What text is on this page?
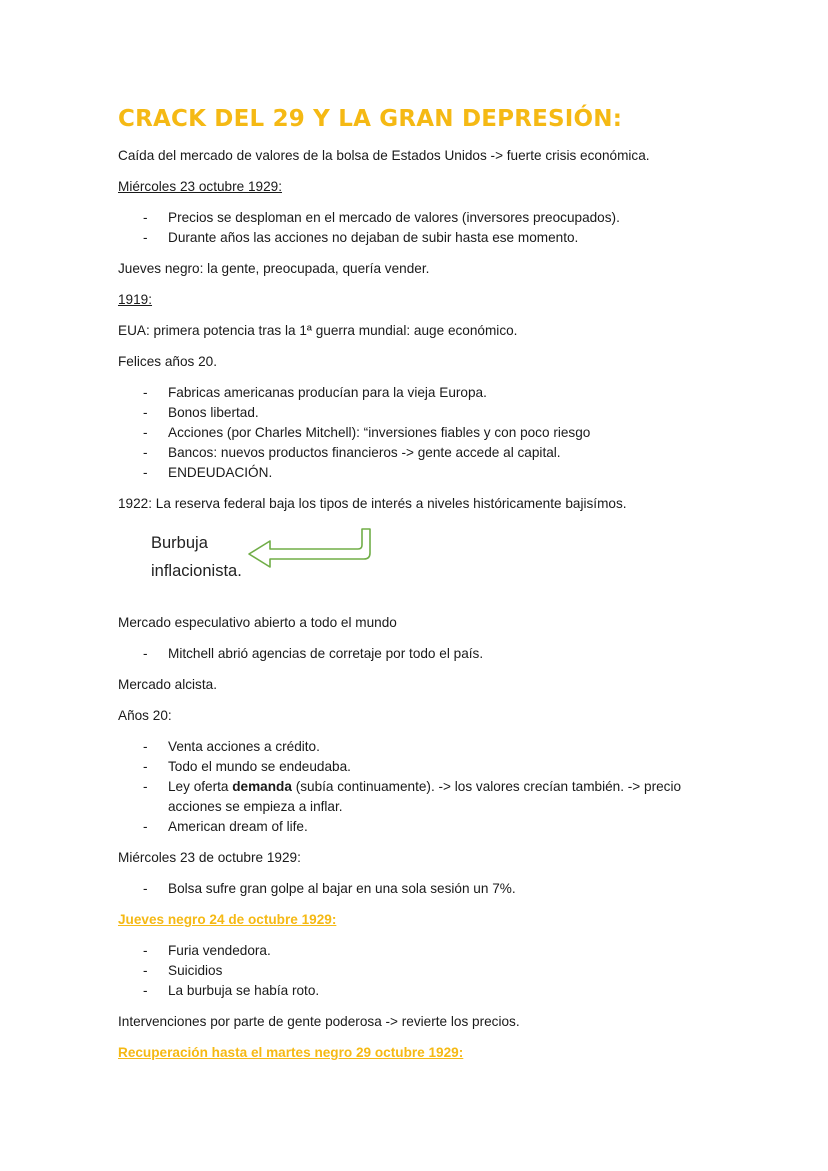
CRACK DEL 29 Y LA GRAN DEPRESIÓN:

Caída del mercado de valores de la bolsa de Estados Unidos -> fuerte crisis económica.

Miércoles 23 octubre 1929:

- Precios se desploman en el mercado de valores (inversores preocupados).
- Durante años las acciones no dejaban de subir hasta ese momento.

Jueves negro: la gente, preocupada, quería vender.

1919:

EUA: primera potencia tras la 1ª guerra mundial: auge económico.

Felices años 20.

- Fabricas americanas producían para la vieja Europa.
- Bonos libertad.
- Acciones (por Charles Mitchell): “inversiones fiables y con poco riesgo
- Bancos: nuevos productos financieros -> gente accede al capital.
- ENDEUDACIÓN.

1922: La reserva federal baja los tipos de interés a niveles históricamente bajisímos.

Burbuja
inflacionista.

Mercado especulativo abierto a todo el mundo

- Mitchell abrió agencias de corretaje por todo el país.

Mercado alcista.

Años 20:

- Venta acciones a crédito.
- Todo el mundo se endeudaba.
- Ley oferta demanda (subía continuamente). -> los valores crecían también. -> precio acciones se empieza a inflar.
- American dream of life.

Miércoles 23 de octubre 1929:

- Bolsa sufre gran golpe al bajar en una sola sesión un 7%.

Jueves negro 24 de octubre 1929:

- Furia vendedora.
- Suicidios
- La burbuja se había roto.

Intervenciones por parte de gente poderosa -> revierte los precios.

Recuperación hasta el martes negro 29 octubre 1929:
